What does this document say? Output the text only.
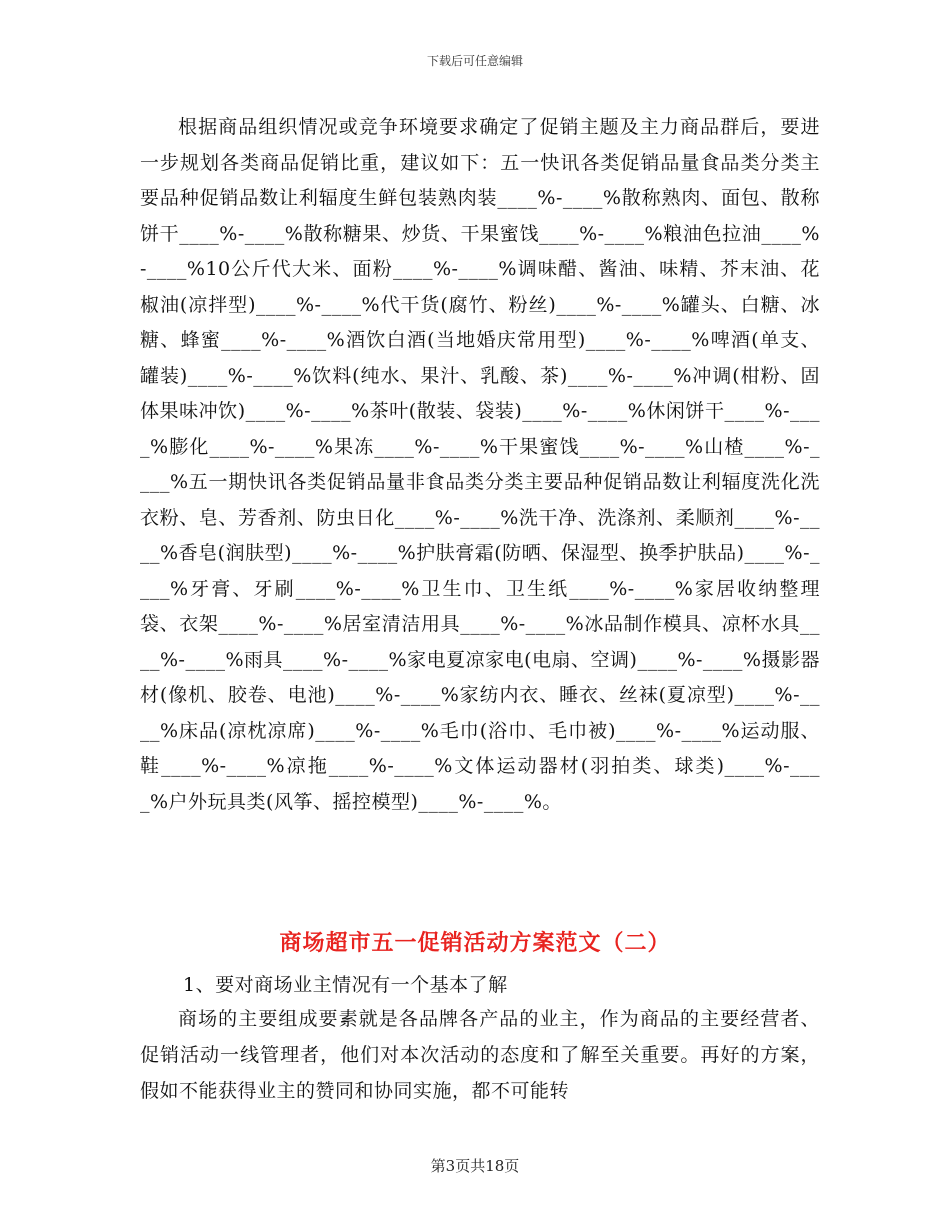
下载后可任意编辑

根据商品组织情况或竞争环境要求确定了促销主题及主力商品群后，要进一步规划各类商品促销比重，建议如下：五一快讯各类促销品量食品类分类主要品种促销品数让利辐度生鲜包装熟肉装____%-____%散称熟肉、面包、散称饼干____%-____%散称糖果、炒货、干果蜜饯____%-____%粮油色拉油____%-____%10公斤代大米、面粉____%-____%调味醋、酱油、味精、芥末油、花椒油(凉拌型)____%-____%代干货(腐竹、粉丝)____%-____%罐头、白糖、冰糖、蜂蜜____%-____%酒饮白酒(当地婚庆常用型)____%-____%啤酒(单支、罐装)____%-____%饮料(纯水、果汁、乳酸、茶)____%-____%冲调(柑粉、固体果味冲饮)____%-____%茶叶(散装、袋装)____%-____%休闲饼干____%-____%膨化____%-____%果冻____%-____%干果蜜饯____%-____%山楂____%-____%五一期快讯各类促销品量非食品类分类主要品种促销品数让利辐度洗化洗衣粉、皂、芳香剂、防虫日化____%-____%洗干净、洗涤剂、柔顺剂____%-____%香皂(润肤型)____%-____%护肤膏霜(防晒、保湿型、换季护肤品)____%-____%牙膏、牙刷____%-____%卫生巾、卫生纸____%-____%家居收纳整理袋、衣架____%-____%居室清洁用具____%-____%冰品制作模具、凉杯水具____%-____%雨具____%-____%家电夏凉家电(电扇、空调)____%-____%摄影器材(像机、胶卷、电池)____%-____%家纺内衣、睡衣、丝袜(夏凉型)____%-____%床品(凉枕凉席)____%-____%毛巾(浴巾、毛巾被)____%-____%运动服、鞋____%-____%凉拖____%-____%文体运动器材(羽拍类、球类)____%-____%户外玩具类(风筝、摇控模型)____%-____%。

商场超市五一促销活动方案范文（二）

1、要对商场业主情况有一个基本了解

商场的主要组成要素就是各品牌各产品的业主，作为商品的主要经营者、促销活动一线管理者，他们对本次活动的态度和了解至关重要。再好的方案，假如不能获得业主的赞同和协同实施，都不可能转

第3页共18页
